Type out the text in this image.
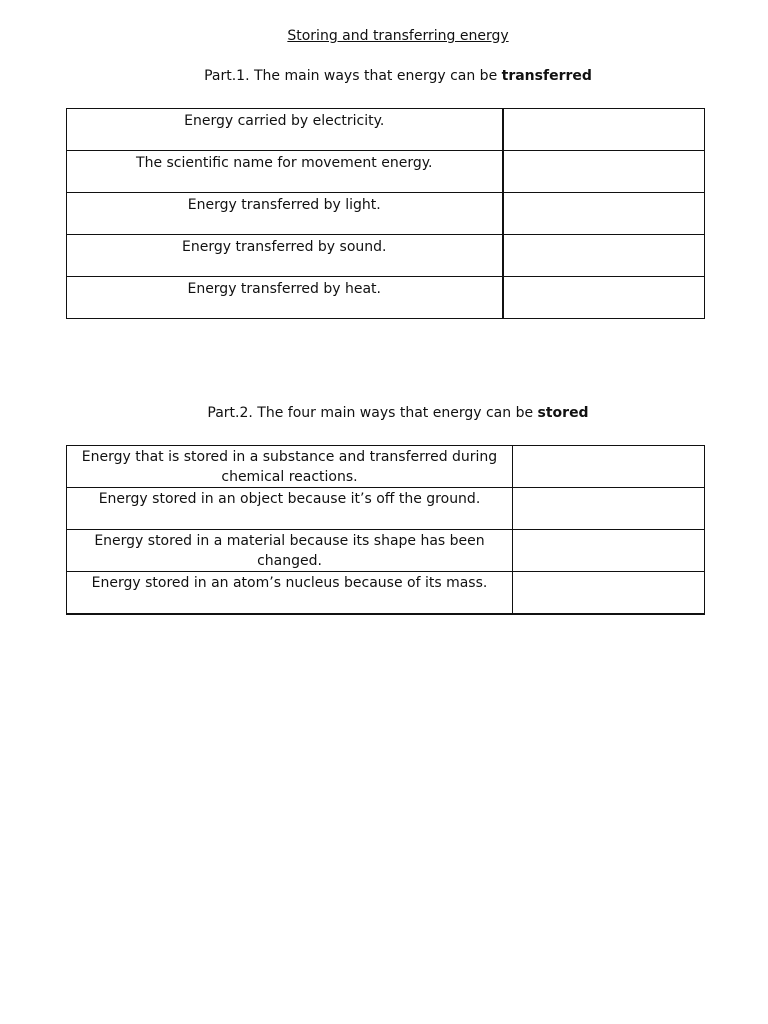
Storing and transferring energy
Part.1. The main ways that energy can be transferred
Energy carried by electricity.	
The scientific name for movement energy.	
Energy transferred by light.	
Energy transferred by sound.	
Energy transferred by heat.	
Part.2. The four main ways that energy can be stored
Energy that is stored in a substance and transferred during chemical reactions.	
Energy stored in an object because it’s off the ground.	
Energy stored in a material because its shape has been changed.	
Energy stored in an atom’s nucleus because of its mass.	
